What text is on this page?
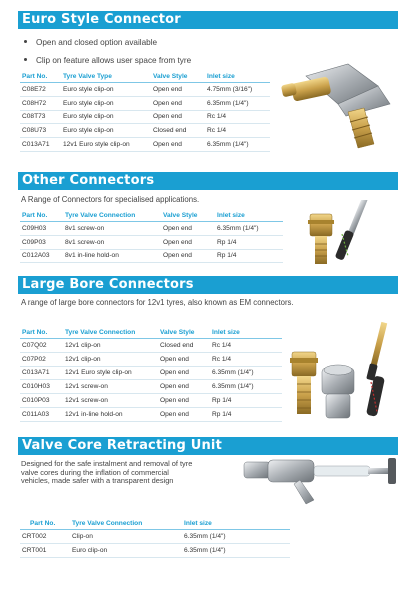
Euro Style Connector
Open and closed option available
Clip on feature allows user space from tyre
Part No.	Tyre Valve Type	Valve Style	Inlet size
C08E72	Euro style clip-on	Open end	4.75mm (3/16")
C08H72	Euro style clip-on	Open end	6.35mm (1/4")
C08T73	Euro style clip-on	Open end	Rc 1/4
C08U73	Euro style clip-on	Closed end	Rc 1/4
C013A71	12v1 Euro style clip-on	Open end	6.35mm (1/4")
Other Connectors
A Range of Connectors for specialised applications.
Part No.	Tyre Valve Connection	Valve Style	Inlet size
C09H03	8v1 screw-on	Open end	6.35mm (1/4")
C09P03	8v1 screw-on	Open end	Rp 1/4
C012A03	8v1 in-line hold-on	Open end	Rp 1/4
Large Bore Connectors
A range of large bore connectors for 12v1 tyres, also known as EM connectors.
Part No.	Tyre Valve Connection	Valve Style	Inlet size
C07Q02	12v1 clip-on	Closed end	Rc 1/4
C07P02	12v1 clip-on	Open end	Rc 1/4
C013A71	12v1 Euro style clip-on	Open end	6.35mm (1/4")
C010H03	12v1 screw-on	Open end	6.35mm (1/4")
C010P03	12v1 screw-on	Open end	Rp 1/4
C011A03	12v1 in-line hold-on	Open end	Rp 1/4
Valve Core Retracting Unit
Designed for the safe instalment and removal of tyre valve cores during the inflation of commercial vehicles, made safer with a transparent design
Part No.	Tyre Valve Connection	Inlet size
CRT002	Clip-on	6.35mm (1/4")
CRT001	Euro clip-on	6.35mm (1/4")
